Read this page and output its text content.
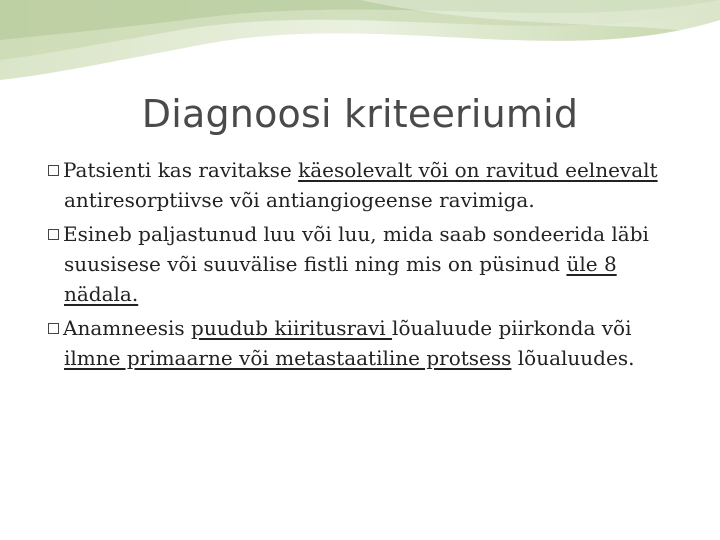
Diagnoosi kriteeriumid

Patsienti kas ravitakse käesolevalt või on ravitud eelnevalt antiresorptiivse või antiangiogeense ravimiga.

Esineb paljastunud luu või luu, mida saab sondeerida läbi suusisese või suuvälise fistli ning mis on püsinud üle 8 nädala.

Anamneesis puudub kiiritusravi lõualuude piirkonda või ilmne primaarne või metastaatiline protsess lõualuudes.
